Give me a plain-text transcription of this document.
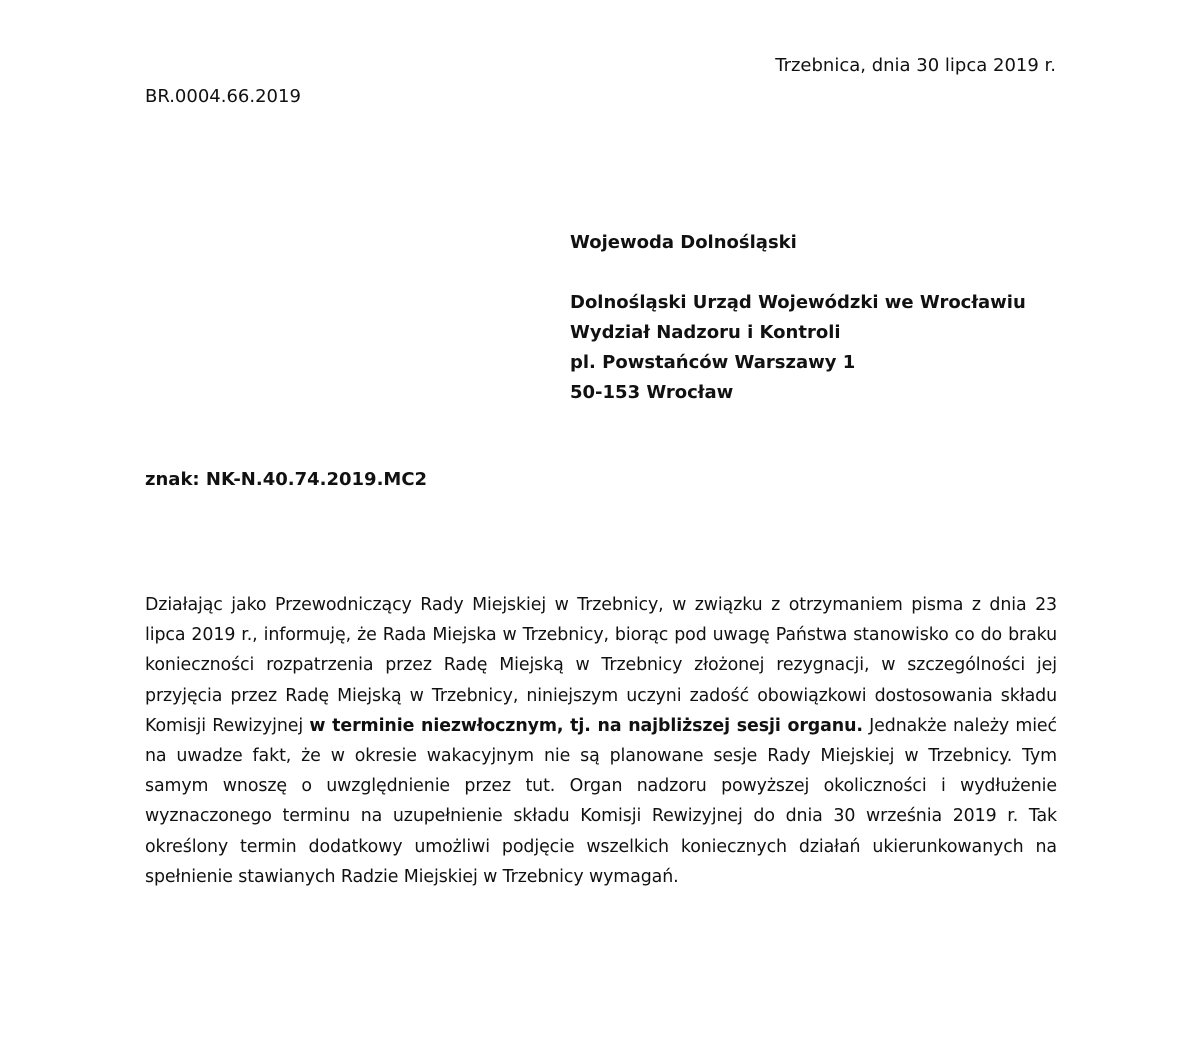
Trzebnica, dnia 30 lipca 2019 r.
BR.0004.66.2019
Wojewoda Dolnośląski
Dolnośląski Urząd Wojewódzki we Wrocławiu
Wydział Nadzoru i Kontroli
pl. Powstańców Warszawy 1
50-153 Wrocław
znak: NK-N.40.74.2019.MC2
Działając jako Przewodniczący Rady Miejskiej w Trzebnicy, w związku z otrzymaniem pisma z dnia 23 lipca 2019 r., informuję, że Rada Miejska w Trzebnicy, biorąc pod uwagę Państwa stanowisko co do braku konieczności rozpatrzenia przez Radę Miejską w Trzebnicy złożonej rezygnacji, w szczególności jej przyjęcia przez Radę Miejską w Trzebnicy, niniejszym uczyni zadość obowiązkowi dostosowania składu Komisji Rewizyjnej w terminie niezwłocznym, tj. na najbliższej sesji organu. Jednakże należy mieć na uwadze fakt, że w okresie wakacyjnym nie są planowane sesje Rady Miejskiej w Trzebnicy. Tym samym wnoszę o uwzględnienie przez tut. Organ nadzoru powyższej okoliczności i wydłużenie wyznaczonego terminu na uzupełnienie składu Komisji Rewizyjnej do dnia 30 września 2019 r. Tak określony termin dodatkowy umożliwi podjęcie wszelkich koniecznych działań ukierunkowanych na spełnienie stawianych Radzie Miejskiej w Trzebnicy wymagań.
